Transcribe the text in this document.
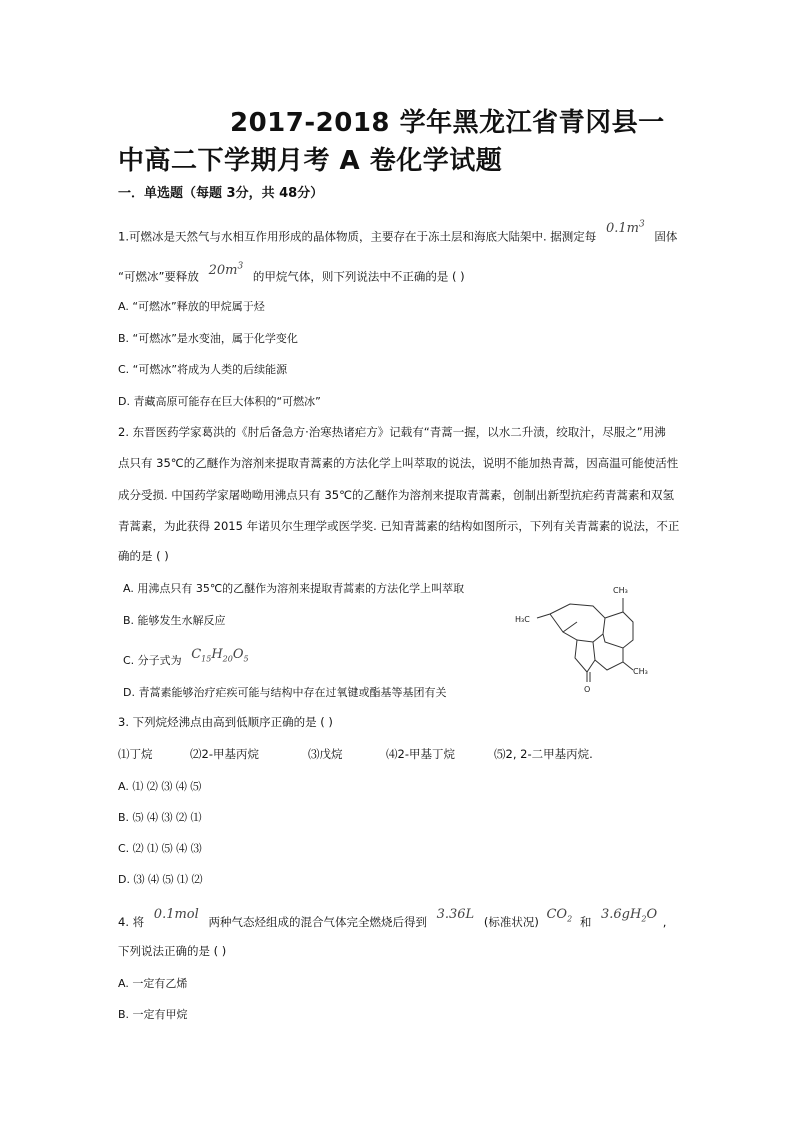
2017-2018 学年黑龙江省青冈县一
中高二下学期月考 A 卷化学试题
一．单选题（每题 3分，共 48分）
1.可燃冰是天然气与水相互作用形成的晶体物质，主要存在于冻土层和海底大陆架中. 据测定每 $0.1m^3$ 固体
“可燃冰”要释放 $20m^3$ 的甲烷气体，则下列说法中不正确的是 ( )
A. “可燃冰”释放的甲烷属于烃
B. “可燃冰”是水变油，属于化学变化
C. “可燃冰”将成为人类的后续能源
D. 青藏高原可能存在巨大体积的“可燃冰”
2. 东晋医药学家葛洪的《肘后备急方·治寒热诸疟方》记载有“青蒿一握，以水二升渍，绞取汁，尽服之”用沸
点只有 35℃的乙醚作为溶剂来提取青蒿素的方法化学上叫萃取的说法，说明不能加热青蒿，因高温可能使活性
成分受损. 中国药学家屠呦呦用沸点只有 35℃的乙醚作为溶剂来提取青蒿素，创制出新型抗疟药青蒿素和双氢
青蒿素，为此获得 2015 年诺贝尔生理学或医学奖. 已知青蒿素的结构如图所示，下列有关青蒿素的说法，不正
确的是 ( )
A. 用沸点只有 35℃的乙醚作为溶剂来提取青蒿素的方法化学上叫萃取
B. 能够发生水解反应
C. 分子式为 $C_{15}H_{20}O_5$
D. 青蒿素能够治疗疟疾可能与结构中存在过氧键或酯基等基团有关
CH₃
H₃C
CH₃
O
3. 下列烷烃沸点由高到低顺序正确的是 ( )
⑴丁烷	⑵2-甲基丙烷	⑶戊烷	⑷2-甲基丁烷	⑸2, 2-二甲基丙烷.
A. ⑴ ⑵ ⑶ ⑷ ⑸
B. ⑸ ⑷ ⑶ ⑵ ⑴
C. ⑵ ⑴ ⑸ ⑷ ⑶
D. ⑶ ⑷ ⑸ ⑴ ⑵
4. 将 0.1mol 两种气态烃组成的混合气体完全燃烧后得到 3.36L (标准状况) $CO_2$ 和 $3.6gH_2O$ ,
下列说法正确的是 ( )
A. 一定有乙烯
B. 一定有甲烷
